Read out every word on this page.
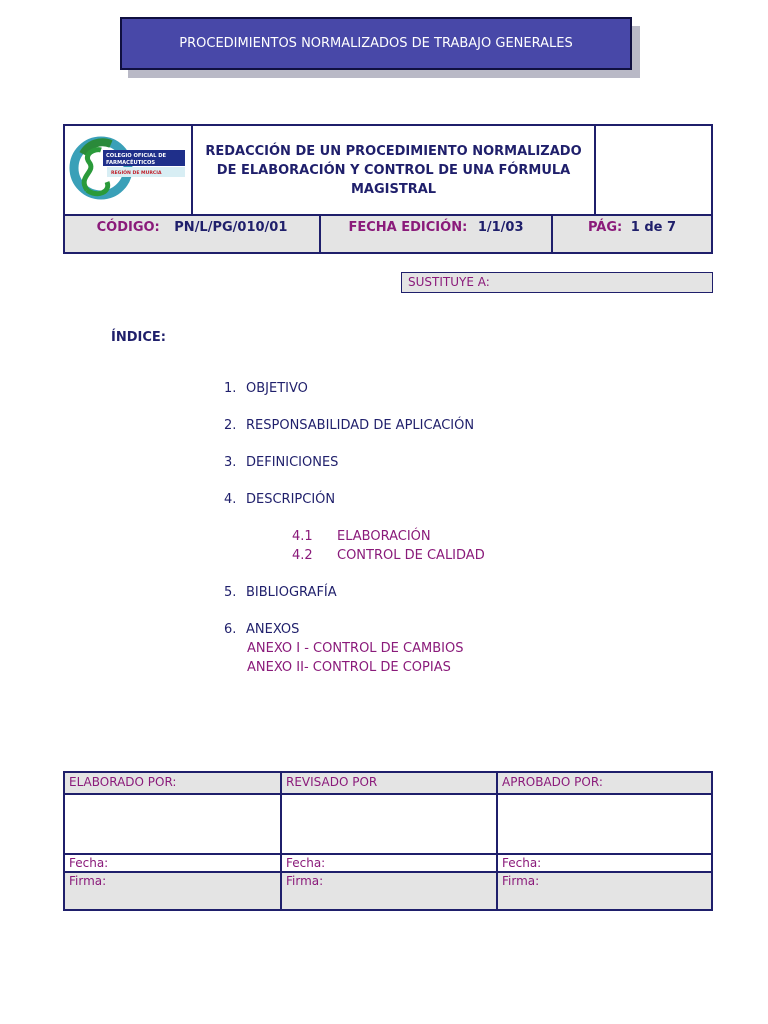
PROCEDIMIENTOS NORMALIZADOS DE TRABAJO GENERALES
COLEGIO OFICIAL DE
FARMACÉUTICOS
REGIÓN DE MURCIA
REDACCIÓN DE UN PROCEDIMIENTO NORMALIZADO DE ELABORACIÓN Y CONTROL DE UNA FÓRMULA MAGISTRAL
CÓDIGO: PN/L/PG/010/01	FECHA EDICIÓN: 1/1/03	PÁG: 1 de 7
SUSTITUYE A:
ÍNDICE:
1. OBJETIVO
2. RESPONSABILIDAD DE APLICACIÓN
3. DEFINICIONES
4. DESCRIPCIÓN
4.1 ELABORACIÓN
4.2 CONTROL DE CALIDAD
5. BIBLIOGRAFÍA
6. ANEXOS
ANEXO I - CONTROL DE CAMBIOS
ANEXO II- CONTROL DE COPIAS
ELABORADO POR:
Fecha:
Firma:
REVISADO POR
Fecha:
Firma:
APROBADO POR:
Fecha:
Firma:
